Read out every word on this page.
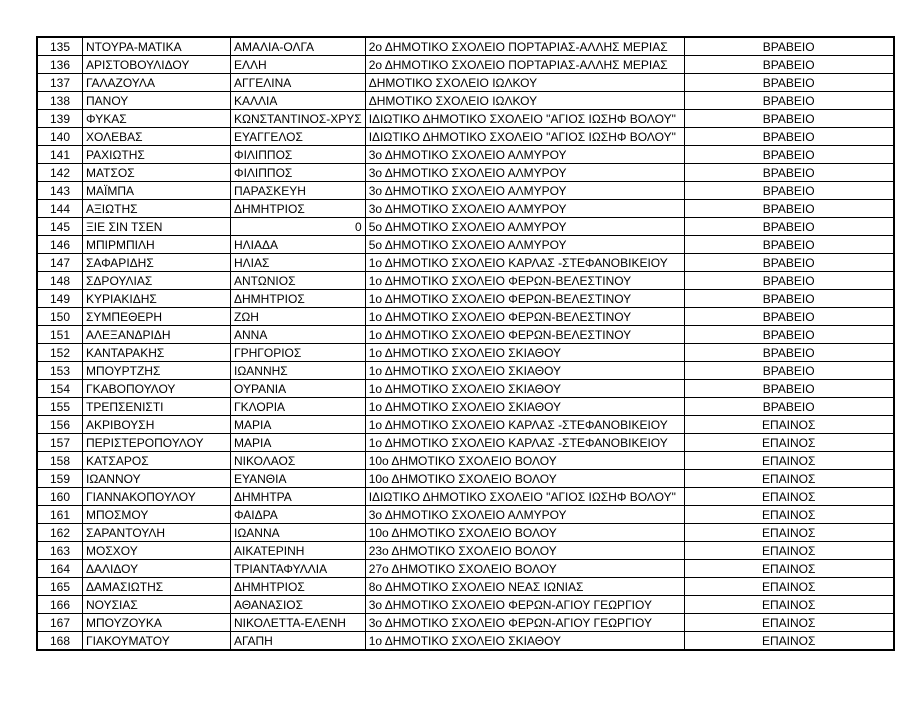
135	ΝΤΟΥΡΑ-ΜΑΤΙΚΑ	ΑΜΑΛΙΑ-ΟΛΓΑ	2ο ΔΗΜΟΤΙΚΟ ΣΧΟΛΕΙΟ ΠΟΡΤΑΡΙΑΣ-ΑΛΛΗΣ ΜΕΡΙΑΣ	ΒΡΑΒΕΙΟ
136	ΑΡΙΣΤΟΒΟΥΛΙΔΟΥ	ΕΛΛΗ	2ο ΔΗΜΟΤΙΚΟ ΣΧΟΛΕΙΟ ΠΟΡΤΑΡΙΑΣ-ΑΛΛΗΣ ΜΕΡΙΑΣ	ΒΡΑΒΕΙΟ
137	ΓΑΛΑΖΟΥΛΑ	ΑΓΓΕΛΙΝΑ	ΔΗΜΟΤΙΚΟ ΣΧΟΛΕΙΟ ΙΩΛΚΟΥ	ΒΡΑΒΕΙΟ
138	ΠΑΝΟΥ	ΚΑΛΛΙΑ	ΔΗΜΟΤΙΚΟ ΣΧΟΛΕΙΟ ΙΩΛΚΟΥ	ΒΡΑΒΕΙΟ
139	ΦΥΚΑΣ	ΚΩΝΣΤΑΝΤΙΝΟΣ-ΧΡΥΣ	ΙΔΙΩΤΙΚΟ ΔΗΜΟΤΙΚΟ ΣΧΟΛΕΙΟ "ΑΓΙΟΣ ΙΩΣΗΦ ΒΟΛΟΥ"	ΒΡΑΒΕΙΟ
140	ΧΟΛΕΒΑΣ	ΕΥΑΓΓΕΛΟΣ	ΙΔΙΩΤΙΚΟ ΔΗΜΟΤΙΚΟ ΣΧΟΛΕΙΟ "ΑΓΙΟΣ ΙΩΣΗΦ ΒΟΛΟΥ"	ΒΡΑΒΕΙΟ
141	ΡΑΧΙΩΤΗΣ	ΦΙΛΙΠΠΟΣ	3ο ΔΗΜΟΤΙΚΟ ΣΧΟΛΕΙΟ ΑΛΜΥΡΟΥ	ΒΡΑΒΕΙΟ
142	ΜΑΤΣΟΣ	ΦΙΛΙΠΠΟΣ	3ο ΔΗΜΟΤΙΚΟ ΣΧΟΛΕΙΟ ΑΛΜΥΡΟΥ	ΒΡΑΒΕΙΟ
143	ΜΑΪΜΠΑ	ΠΑΡΑΣΚΕΥΗ	3ο ΔΗΜΟΤΙΚΟ ΣΧΟΛΕΙΟ ΑΛΜΥΡΟΥ	ΒΡΑΒΕΙΟ
144	ΑΞΙΩΤΗΣ	ΔΗΜΗΤΡΙΟΣ	3ο ΔΗΜΟΤΙΚΟ ΣΧΟΛΕΙΟ ΑΛΜΥΡΟΥ	ΒΡΑΒΕΙΟ
145	ΞΙΕ ΣΙΝ ΤΣΕΝ	0	5ο ΔΗΜΟΤΙΚΟ ΣΧΟΛΕΙΟ ΑΛΜΥΡΟΥ	ΒΡΑΒΕΙΟ
146	ΜΠΙΡΜΠΙΛΗ	ΗΛΙΑΔΑ	5ο ΔΗΜΟΤΙΚΟ ΣΧΟΛΕΙΟ ΑΛΜΥΡΟΥ	ΒΡΑΒΕΙΟ
147	ΣΑΦΑΡΙΔΗΣ	ΗΛΙΑΣ	1ο ΔΗΜΟΤΙΚΟ ΣΧΟΛΕΙΟ ΚΑΡΛΑΣ -ΣΤΕΦΑΝΟΒΙΚΕΙΟΥ	ΒΡΑΒΕΙΟ
148	ΣΔΡΟΥΛΙΑΣ	ΑΝΤΩΝΙΟΣ	1ο ΔΗΜΟΤΙΚΟ ΣΧΟΛΕΙΟ ΦΕΡΩΝ-ΒΕΛΕΣΤΙΝΟΥ	ΒΡΑΒΕΙΟ
149	ΚΥΡΙΑΚΙΔΗΣ	ΔΗΜΗΤΡΙΟΣ	1ο ΔΗΜΟΤΙΚΟ ΣΧΟΛΕΙΟ ΦΕΡΩΝ-ΒΕΛΕΣΤΙΝΟΥ	ΒΡΑΒΕΙΟ
150	ΣΥΜΠΕΘΕΡΗ	ΖΩΗ	1ο ΔΗΜΟΤΙΚΟ ΣΧΟΛΕΙΟ ΦΕΡΩΝ-ΒΕΛΕΣΤΙΝΟΥ	ΒΡΑΒΕΙΟ
151	ΑΛΕΞΑΝΔΡΙΔΗ	ΑΝΝΑ	1ο ΔΗΜΟΤΙΚΟ ΣΧΟΛΕΙΟ ΦΕΡΩΝ-ΒΕΛΕΣΤΙΝΟΥ	ΒΡΑΒΕΙΟ
152	ΚΑΝΤΑΡΑΚΗΣ	ΓΡΗΓΟΡΙΟΣ	1ο ΔΗΜΟΤΙΚΟ ΣΧΟΛΕΙΟ ΣΚΙΑΘΟΥ	ΒΡΑΒΕΙΟ
153	ΜΠΟΥΡΤΖΗΣ	ΙΩΑΝΝΗΣ	1ο ΔΗΜΟΤΙΚΟ ΣΧΟΛΕΙΟ ΣΚΙΑΘΟΥ	ΒΡΑΒΕΙΟ
154	ΓΚΑΒΟΠΟΥΛΟΥ	ΟΥΡΑΝΙΑ	1ο ΔΗΜΟΤΙΚΟ ΣΧΟΛΕΙΟ ΣΚΙΑΘΟΥ	ΒΡΑΒΕΙΟ
155	ΤΡΕΠΣΕΝΙΣΤΙ	ΓΚΛΟΡΙΑ	1ο ΔΗΜΟΤΙΚΟ ΣΧΟΛΕΙΟ ΣΚΙΑΘΟΥ	ΒΡΑΒΕΙΟ
156	ΑΚΡΙΒΟΥΣΗ	ΜΑΡΙΑ	1ο ΔΗΜΟΤΙΚΟ ΣΧΟΛΕΙΟ ΚΑΡΛΑΣ -ΣΤΕΦΑΝΟΒΙΚΕΙΟΥ	ΕΠΑΙΝΟΣ
157	ΠΕΡΙΣΤΕΡΟΠΟΥΛΟΥ	ΜΑΡΙΑ	1ο ΔΗΜΟΤΙΚΟ ΣΧΟΛΕΙΟ ΚΑΡΛΑΣ -ΣΤΕΦΑΝΟΒΙΚΕΙΟΥ	ΕΠΑΙΝΟΣ
158	ΚΑΤΣΑΡΟΣ	ΝΙΚΟΛΑΟΣ	10ο ΔΗΜΟΤΙΚΟ ΣΧΟΛΕΙΟ ΒΟΛΟΥ	ΕΠΑΙΝΟΣ
159	ΙΩΑΝΝΟΥ	ΕΥΑΝΘΙΑ	10ο ΔΗΜΟΤΙΚΟ ΣΧΟΛΕΙΟ ΒΟΛΟΥ	ΕΠΑΙΝΟΣ
160	ΓΙΑΝΝΑΚΟΠΟΥΛΟΥ	ΔΗΜΗΤΡΑ	ΙΔΙΩΤΙΚΟ ΔΗΜΟΤΙΚΟ ΣΧΟΛΕΙΟ "ΑΓΙΟΣ ΙΩΣΗΦ ΒΟΛΟΥ"	ΕΠΑΙΝΟΣ
161	ΜΠΟΣΜΟΥ	ΦΑΙΔΡΑ	3ο ΔΗΜΟΤΙΚΟ ΣΧΟΛΕΙΟ ΑΛΜΥΡΟΥ	ΕΠΑΙΝΟΣ
162	ΣΑΡΑΝΤΟΥΛΗ	ΙΩΑΝΝΑ	10ο ΔΗΜΟΤΙΚΟ ΣΧΟΛΕΙΟ ΒΟΛΟΥ	ΕΠΑΙΝΟΣ
163	ΜΟΣΧΟΥ	ΑΙΚΑΤΕΡΙΝΗ	23ο ΔΗΜΟΤΙΚΟ ΣΧΟΛΕΙΟ ΒΟΛΟΥ	ΕΠΑΙΝΟΣ
164	ΔΑΛΙΔΟΥ	ΤΡΙΑΝΤΑΦΥΛΛΙΑ	27ο ΔΗΜΟΤΙΚΟ ΣΧΟΛΕΙΟ ΒΟΛΟΥ	ΕΠΑΙΝΟΣ
165	ΔΑΜΑΣΙΩΤΗΣ	ΔΗΜΗΤΡΙΟΣ	8ο ΔΗΜΟΤΙΚΟ ΣΧΟΛΕΙΟ ΝΕΑΣ ΙΩΝΙΑΣ	ΕΠΑΙΝΟΣ
166	ΝΟΥΣΙΑΣ	ΑΘΑΝΑΣΙΟΣ	3ο ΔΗΜΟΤΙΚΟ ΣΧΟΛΕΙΟ ΦΕΡΩΝ-ΑΓΙΟΥ ΓΕΩΡΓΙΟΥ	ΕΠΑΙΝΟΣ
167	ΜΠΟΥΖΟΥΚΑ	ΝΙΚΟΛΕΤΤΑ-ΕΛΕΝΗ	3ο ΔΗΜΟΤΙΚΟ ΣΧΟΛΕΙΟ ΦΕΡΩΝ-ΑΓΙΟΥ ΓΕΩΡΓΙΟΥ	ΕΠΑΙΝΟΣ
168	ΓΙΑΚΟΥΜΑΤΟΥ	ΑΓΑΠΗ	1ο ΔΗΜΟΤΙΚΟ ΣΧΟΛΕΙΟ ΣΚΙΑΘΟΥ	ΕΠΑΙΝΟΣ
